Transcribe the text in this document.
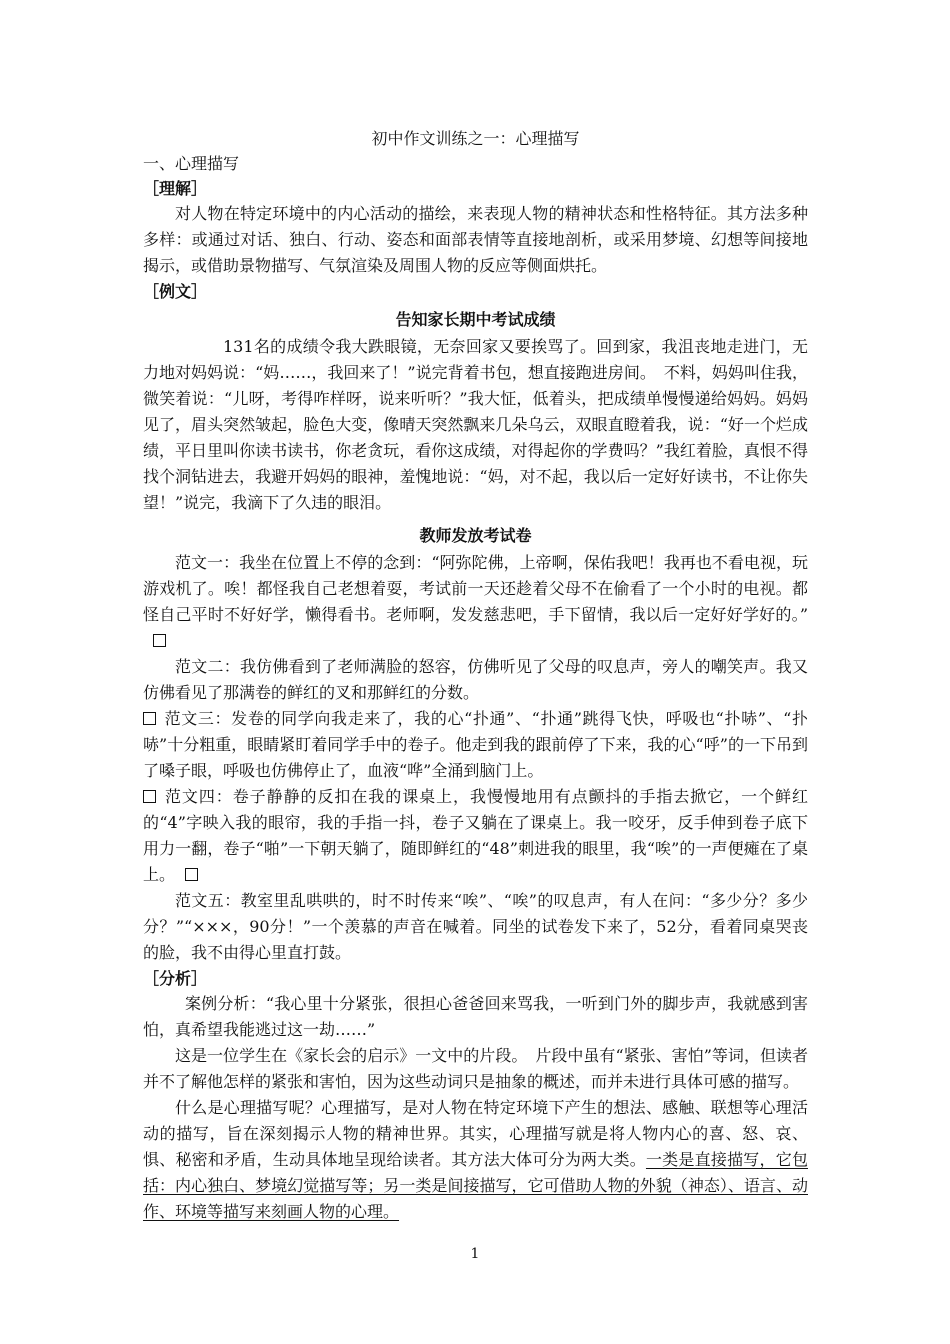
初中作文训练之一：心理描写
一、心理描写
［理解］

对人物在特定环境中的内心活动的描绘，来表现人物的精神状态和性格特征。其方法多种多样：或通过对话、独白、行动、姿态和面部表情等直接地剖析，或采用梦境、幻想等间接地揭示，或借助景物描写、气氛渲染及周围人物的反应等侧面烘托。

［例文］
告知家长期中考试成绩

131名的成绩令我大跌眼镜，无奈回家又要挨骂了。回到家，我沮丧地走进门，无力地对妈妈说：“妈……，我回来了！”说完背着书包，想直接跑进房间。　不料，妈妈叫住我，微笑着说：“儿呀，考得咋样呀，说来听听？”我大怔，低着头，把成绩单慢慢递给妈妈。妈妈见了，眉头突然皱起，脸色大变，像晴天突然飘来几朵乌云，双眼直瞪着我，说：“好一个烂成绩，平日里叫你读书读书，你老贪玩，看你这成绩，对得起你的学费吗？”我红着脸，真恨不得找个洞钻进去，我避开妈妈的眼神，羞愧地说：“妈，对不起，我以后一定好好读书，不让你失望！”说完，我滴下了久违的眼泪。

教师发放考试卷

范文一：我坐在位置上不停的念到：“阿弥陀佛，上帝啊，保佑我吧！我再也不看电视，玩游戏机了。唉！都怪我自己老想着耍，考试前一天还趁着父母不在偷看了一个小时的电视。都怪自己平时不好好学，懒得看书。老师啊，发发慈悲吧，手下留情，我以后一定好好学好的。”

范文二：我仿佛看到了老师满脸的怒容，仿佛听见了父母的叹息声，旁人的嘲笑声。我又仿佛看见了那满卷的鲜红的叉和那鲜红的分数。

范文三：发卷的同学向我走来了，我的心“扑通”、“扑通”跳得飞快，呼吸也“扑哧”、“扑哧”十分粗重，眼睛紧盯着同学手中的卷子。他走到我的跟前停了下来，我的心“呼”的一下吊到了嗓子眼，呼吸也仿佛停止了，血液“哗”全涌到脑门上。

范文四：卷子静静的反扣在我的课桌上，我慢慢地用有点颤抖的手指去掀它，一个鲜红的“4”字映入我的眼帘，我的手指一抖，卷子又躺在了课桌上。我一咬牙，反手伸到卷子底下用力一翻，卷子“啪”一下朝天躺了，随即鲜红的“48”刺进我的眼里，我“唉”的一声便瘫在了桌上。

范文五：教室里乱哄哄的，时不时传来“唉”、“唉”的叹息声，有人在问：“多少分？多少分？”“×××，90分！”一个羡慕的声音在喊着。同坐的试卷发下来了，52分，看着同桌哭丧的脸，我不由得心里直打鼓。

［分析］

案例分析：“我心里十分紧张，很担心爸爸回来骂我，一听到门外的脚步声，我就感到害怕，真希望我能逃过这一劫……”

这是一位学生在《家长会的启示》一文中的片段。　片段中虽有“紧张、害怕”等词，但读者并不了解他怎样的紧张和害怕，因为这些动词只是抽象的概述，而并未进行具体可感的描写。

什么是心理描写呢？心理描写，是对人物在特定环境下产生的想法、感触、联想等心理活动的描写，旨在深刻揭示人物的精神世界。其实，心理描写就是将人物内心的喜、怒、哀、惧、秘密和矛盾，生动具体地呈现给读者。其方法大体可分为两大类。一类是直接描写，它包括：内心独白、梦境幻觉描写等；另一类是间接描写，它可借助人物的外貌（神态）、语言、动作、环境等描写来刻画人物的心理。

1
